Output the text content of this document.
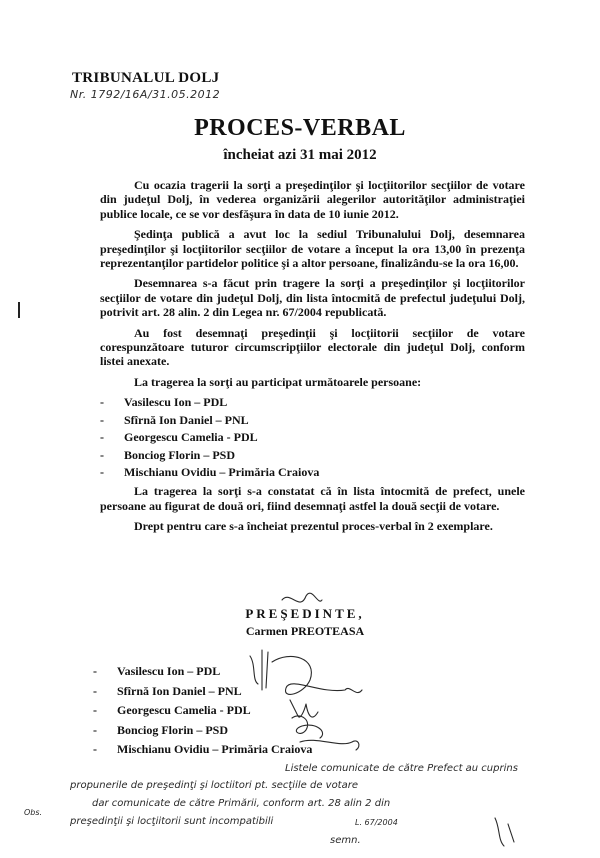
TRIBUNALUL DOLJ
Nr. 1792/16A/31.05.2012
PROCES-VERBAL
încheiat azi 31 mai 2012

Cu ocazia tragerii la sorţi a preşedinţilor şi locţiitorilor secţiilor de votare din judeţul Dolj, în vederea organizării alegerilor autorităţilor administraţiei publice locale, ce se vor desfăşura în data de 10 iunie 2012.

Şedinţa publică a avut loc la sediul Tribunalului Dolj, desemnarea preşedinţilor şi locţiitorilor secţiilor de votare a început la ora 13,00 în prezenţa reprezentanţilor partidelor politice şi a altor persoane, finalizându-se la ora 16,00.

Desemnarea s-a făcut prin tragere la sorţi a preşedinţilor şi locţiitorilor secţiilor de votare din judeţul Dolj, din lista întocmită de prefectul judeţului Dolj, potrivit art. 28 alin. 2 din Legea nr. 67/2004 republicată.

Au fost desemnaţi preşedinţii şi locţiitorii secţiilor de votare corespunzătoare tuturor circumscripţiilor electorale din judeţul Dolj, conform listei anexate.

La tragerea la sorţi au participat următoarele persoane:

- Vasilescu Ion – PDL
- Sfîrnă Ion Daniel – PNL
- Georgescu Camelia - PDL
- Bonciog Florin – PSD
- Mischianu Ovidiu – Primăria Craiova

La tragerea la sorţi s-a constatat că în lista întocmită de prefect, unele persoane au figurat de două ori, fiind desemnaţi astfel la două secţii de votare.

Drept pentru care s-a încheiat prezentul proces-verbal în 2 exemplare.

PREŞEDINTE,
Carmen PREOTEASA
- Vasilescu Ion – PDL
- Sfîrnă Ion Daniel – PNL
- Georgescu Camelia - PDL
- Bonciog Florin – PSD
- Mischianu Ovidiu – Primăria Craiova
Listele comunicate de către Prefect au cuprins
propunerile de preşedinţi şi loctiitori pt. secţiile de votare
dar comunicate de către Primării, conform art. 28 alin 2 din
Obs.
preşedinţii şi locţiitorii sunt incompatibili	L. 67/2004
semn.
